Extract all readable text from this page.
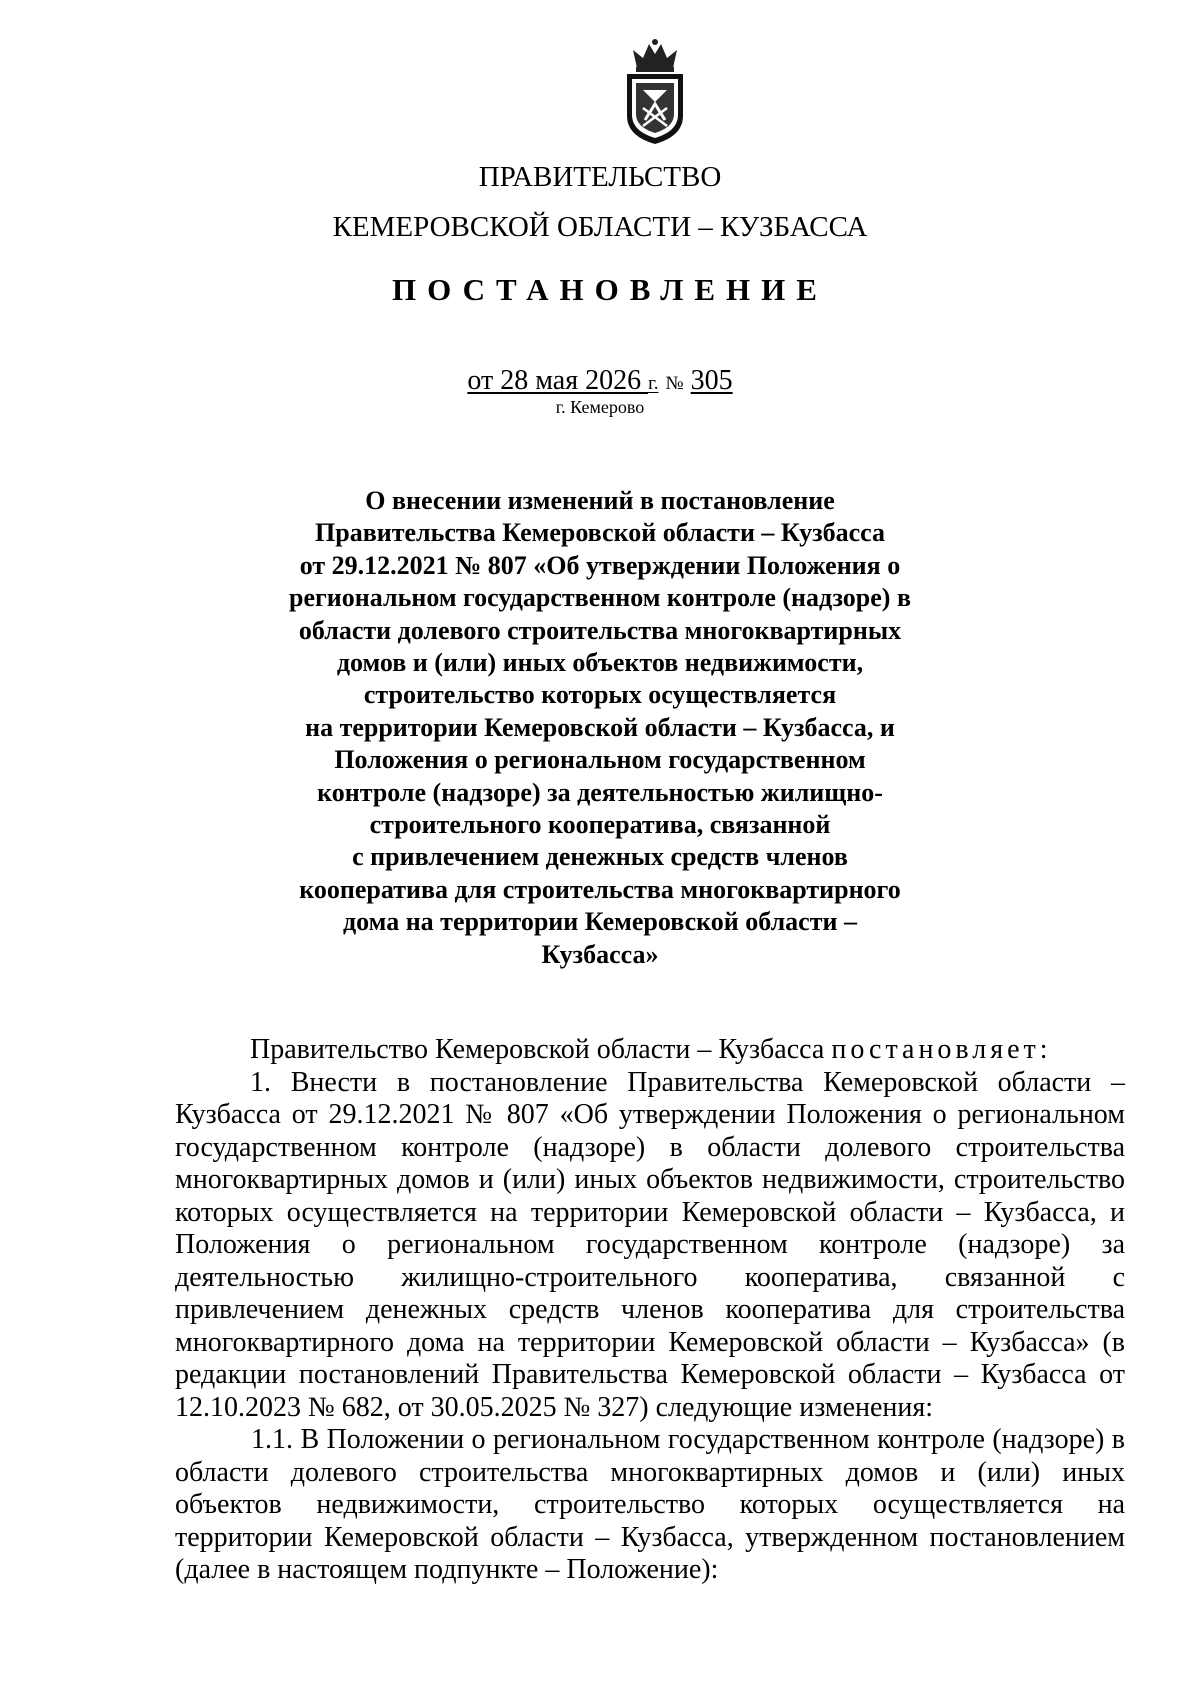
ПРАВИТЕЛЬСТВО
КЕМЕРОВСКОЙ ОБЛАСТИ – КУЗБАССА
ПОСТАНОВЛЕНИЕ
от 28 мая 2026 г. № 305
г. Кемерово
О внесении изменений в постановление
Правительства Кемеровской области – Кузбасса
от 29.12.2021 № 807 «Об утверждении Положения о
региональном государственном контроле (надзоре) в
области долевого строительства многоквартирных
домов и (или) иных объектов недвижимости,
строительство которых осуществляется
на территории Кемеровской области – Кузбасса, и
Положения о региональном государственном
контроле (надзоре) за деятельностью жилищно-
строительного кооператива, связанной
с привлечением денежных средств членов
кооператива для строительства многоквартирного
дома на территории Кемеровской области –
Кузбасса»
Правительство Кемеровской области – Кузбасса постановляет:
1. Внести в постановление Правительства Кемеровской области – Кузбасса от 29.12.2021 № 807 «Об утверждении Положения о региональном государственном контроле (надзоре) в области долевого строительства многоквартирных домов и (или) иных объектов недвижимости, строительство которых осуществляется на территории Кемеровской области – Кузбасса, и Положения о региональном государственном контроле (надзоре) за деятельностью жилищно-строительного кооператива, связанной с привлечением денежных средств членов кооператива для строительства многоквартирного дома на территории Кемеровской области – Кузбасса» (в редакции постановлений Правительства Кемеровской области – Кузбасса от 12.10.2023 № 682, от 30.05.2025 № 327) следующие изменения:
1.1. В Положении о региональном государственном контроле (надзоре) в области долевого строительства многоквартирных домов и (или) иных объектов недвижимости, строительство которых осуществляется на территории Кемеровской области – Кузбасса, утвержденном постановлением (далее в настоящем подпункте – Положение):
